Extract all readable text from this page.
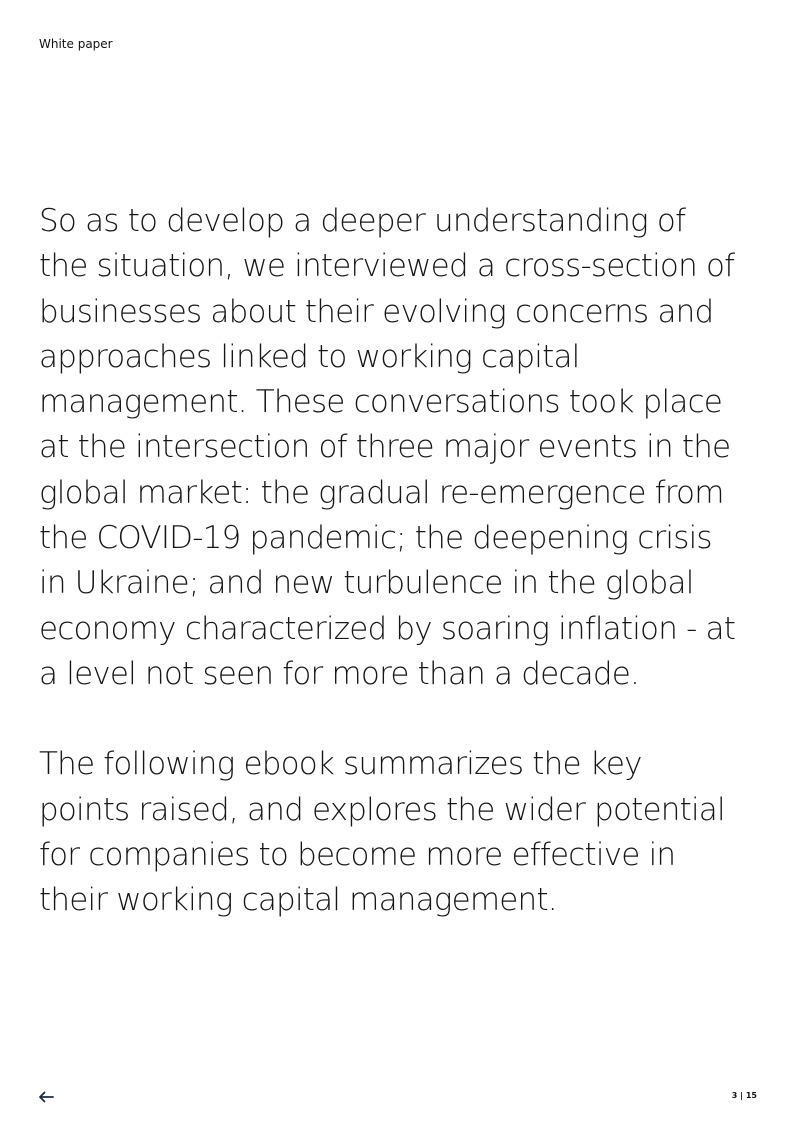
White paper

So as to develop a deeper understanding of
the situation, we interviewed a cross-section of
businesses about their evolving concerns and
approaches linked to working capital
management. These conversations took place
at the intersection of three major events in the
global market: the gradual re-emergence from
the COVID-19 pandemic; the deepening crisis
in Ukraine; and new turbulence in the global
economy characterized by soaring inflation - at
a level not seen for more than a decade.

The following ebook summarizes the key
points raised, and explores the wider potential
for companies to become more effective in
their working capital management.

3 | 15
